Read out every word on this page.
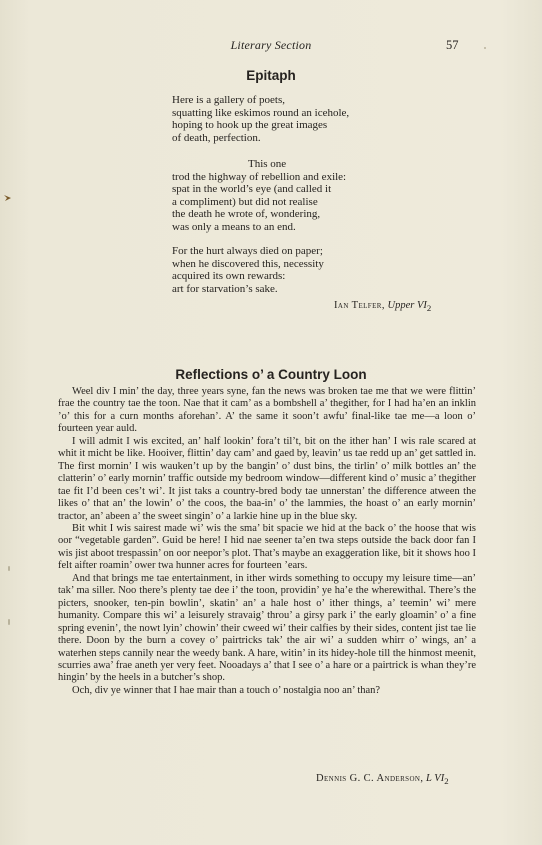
Literary Section	57
Epitaph
Here is a gallery of poets,
squatting like eskimos round an icehole,
hoping to hook up the great images
of death, perfection.
This one
trod the highway of rebellion and exile:
spat in the world’s eye (and called it
a compliment) but did not realise
the death he wrote of, wondering,
was only a means to an end.
For the hurt always died on paper;
when he discovered this, necessity
acquired its own rewards:
art for starvation’s sake.
Ian Telfer, Upper $VI_2$
Reflections o’ a Country Loon

Weel div I min’ the day, three years syne, fan the news was broken tae me that we were flittin’ frae the country tae the toon. Nae that it cam’ as a bombshell a’ thegither, for I had ha’en an inklin ’o’ this for a curn months aforehan’. A’ the same it soon’t awfu’ final-like tae me—a loon o’ fourteen year auld.

I will admit I wis excited, an’ half lookin’ fora’t til’t, bit on the ither han’ I wis rale scared at whit it micht be like. Hooiver, flittin’ day cam’ and gaed by, leavin’ us tae redd up an’ get sattled in. The first mornin’ I wis wauken’t up by the bangin’ o’ dust bins, the tirlin’ o’ milk bottles an’ the clatterin’ o’ early mornin’ traffic outside my bedroom window—different kind o’ music a’ thegither tae fit I’d been ces’t wi’. It jist taks a country-bred body tae unnerstan’ the difference atween the likes o’ that an’ the lowin’ o’ the coos, the baa-in’ o’ the lammies, the hoast o’ an early mornin’ tractor, an’ abeen a’ the sweet singin’ o’ a larkie hine up in the blue sky.

Bit whit I wis sairest made wi’ wis the sma’ bit spacie we hid at the back o’ the hoose that wis oor “vegetable garden”. Guid be here! I hid nae seener ta’en twa steps outside the back door fan I wis jist aboot trespassin’ on oor neepor’s plot. That’s maybe an exaggeration like, bit it shows hoo I felt aifter roamin’ ower twa hunner acres for fourteen ’ears.

And that brings me tae entertainment, in ither wirds something to occupy my leisure time—an’ tak’ ma siller. Noo there’s plenty tae dee i’ the toon, providin’ ye ha’e the wherewithal. There’s the picters, snooker, ten-pin bowlin’, skatin’ an’ a hale host o’ ither things, a’ teemin’ wi’ mere humanity. Compare this wi’ a leisurely stravaig’ throu’ a girsy park i’ the early gloamin’ o’ a fine spring evenin’, the nowt lyin’ chowin’ their cweed wi’ their calfies by their sides, content jist tae lie there. Doon by the burn a covey o’ pairtricks tak’ the air wi’ a sudden whirr o’ wings, an’ a waterhen steps cannily near the weedy bank. A hare, witin’ in its hidey-hole till the hinmost meenit, scurries awa’ frae aneth yer very feet. Nooadays a’ that I see o’ a hare or a pairtrick is whan they’re hingin’ by the heels in a butcher’s shop.

Och, div ye winner that I hae mair than a touch o’ nostalgia noo an’ than?

Dennis G. C. Anderson, L $VI_2$
